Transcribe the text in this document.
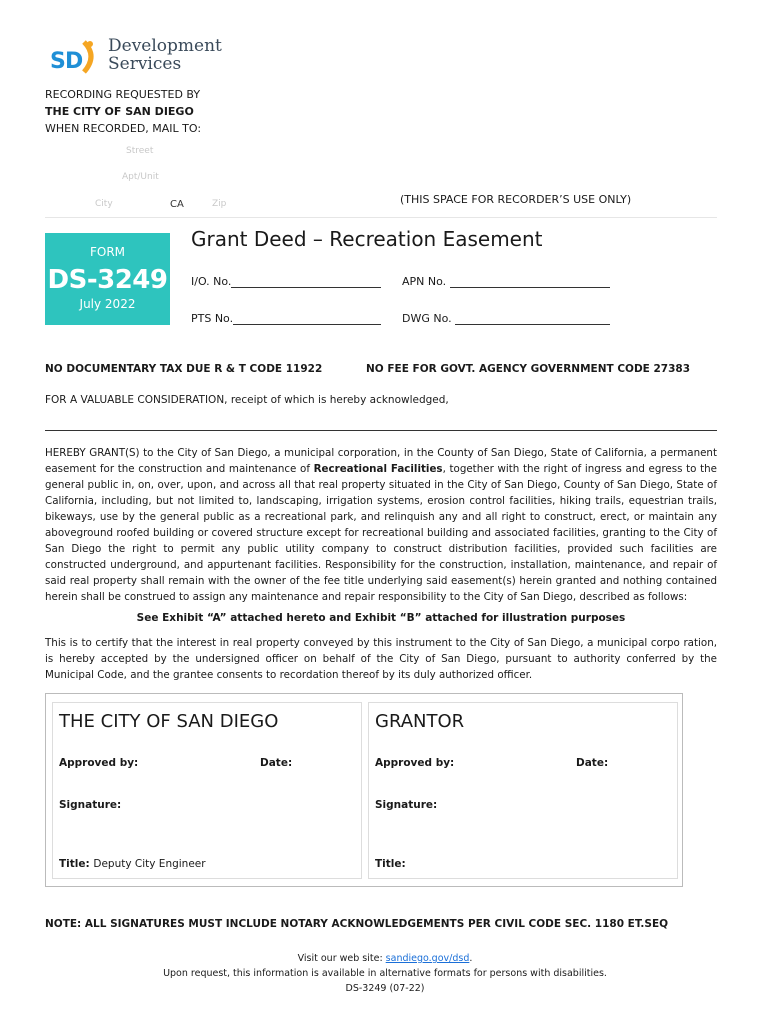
S D
Development
Services
RECORDING REQUESTED BY
THE CITY OF SAN DIEGO
WHEN RECORDED, MAIL TO:
Street
Apt/Unit
City	CA	Zip	(THIS SPACE FOR RECORDER’S USE ONLY)
FORM
DS-3249
July 2022
Grant Deed – Recreation Easement
I/O. No.	APN No.
PTS No.	DWG No.
NO DOCUMENTARY TAX DUE R & T CODE 11922	NO FEE FOR GOVT. AGENCY GOVERNMENT CODE 27383
FOR A VALUABLE CONSIDERATION, receipt of which is hereby acknowledged,
HEREBY GRANT(S) to the City of San Diego, a municipal corporation, in the County of San Diego, State of California, a permanent easement for the construction and maintenance of Recreational Facilities, together with the right of ingress and egress to the general public in, on, over, upon, and across all that real property situated in the City of San Diego, County of San Diego, State of California, including, but not limited to, landscaping, irrigation systems, erosion control facilities, hiking trails, equestrian trails, bikeways, use by the general public as a recreational park, and relinquish any and all right to construct, erect, or maintain any aboveground roofed building or covered structure except for recreational building and associated facilities, granting to the City of San Diego the right to permit any public utility company to construct distribution facilities, provided such facilities are constructed underground, and appurtenant facilities. Responsibility for the construction, installation, maintenance, and repair of said real property shall remain with the owner of the fee title underlying said easement(s) herein granted and nothing contained herein shall be construed to assign any maintenance and repair responsibility to the City of San Diego, described as follows:
See Exhibit “A” attached hereto and Exhibit “B” attached for illustration purposes
This is to certify that the interest in real property conveyed by this instrument to the City of San Diego, a municipal corpo ration, is hereby accepted by the undersigned officer on behalf of the City of San Diego, pursuant to authority conferred by the Municipal Code, and the grantee consents to recordation thereof by its duly authorized officer.
THE CITY OF SAN DIEGO
Approved by:	Date:
Signature:
Title: Deputy City Engineer
GRANTOR
Approved by:	Date:
Signature:
Title:
NOTE: ALL SIGNATURES MUST INCLUDE NOTARY ACKNOWLEDGEMENTS PER CIVIL CODE SEC. 1180 ET.SEQ
Visit our web site: sandiego.gov/dsd.
Upon request, this information is available in alternative formats for persons with disabilities.
DS-3249 (07-22)
